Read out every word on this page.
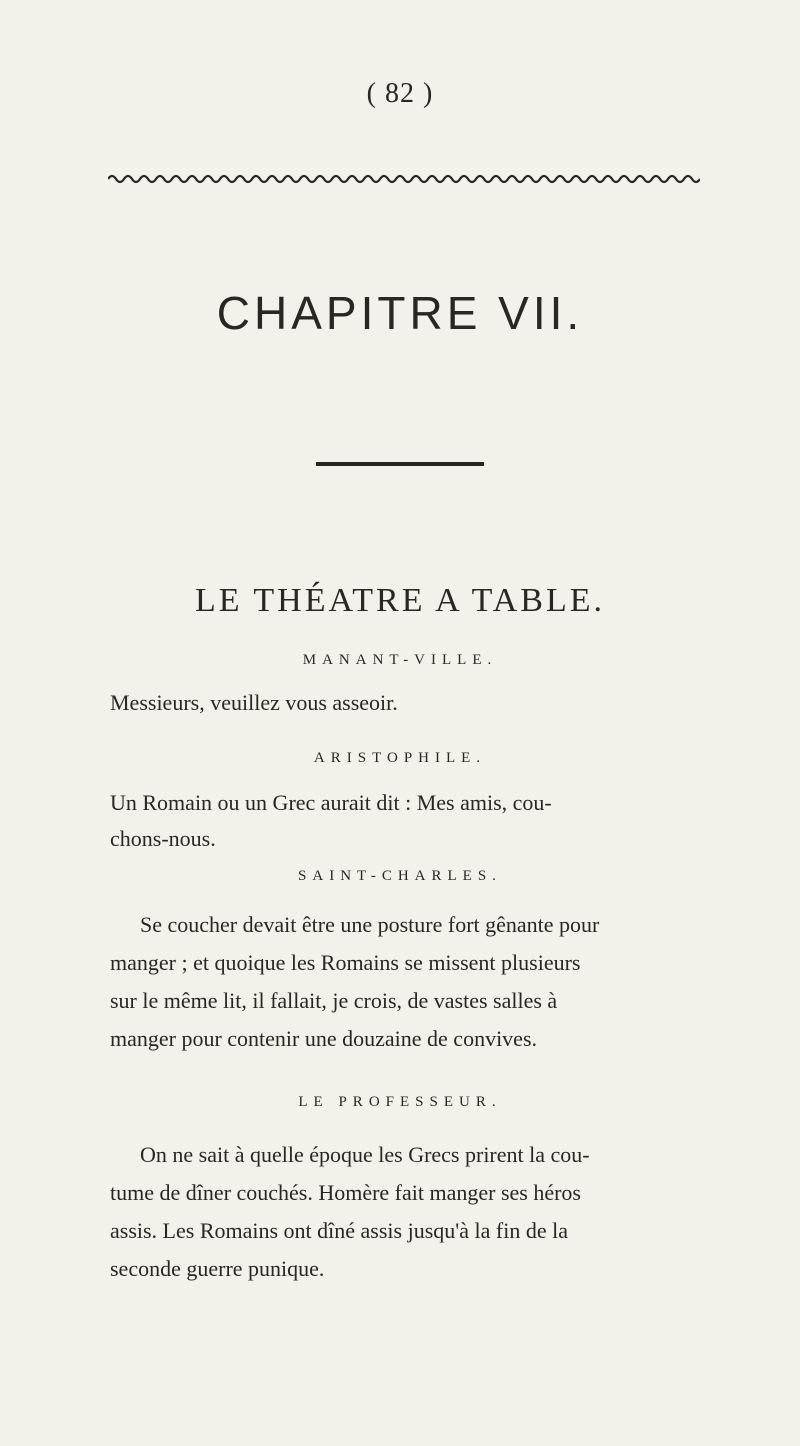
( 82 )
CHAPITRE VII.
LE THÉATRE A TABLE.
MANANT-VILLE.
Messieurs, veuillez vous asseoir.
ARISTOPHILE.
Un Romain ou un Grec aurait dit : Mes amis, cou-
chons-nous.
SAINT-CHARLES.
Se coucher devait être une posture fort gênante pour
manger ; et quoique les Romains se missent plusieurs
sur le même lit, il fallait, je crois, de vastes salles à
manger pour contenir une douzaine de convives.
LE PROFESSEUR.
On ne sait à quelle époque les Grecs prirent la cou-
tume de dîner couchés. Homère fait manger ses héros
assis. Les Romains ont dîné assis jusqu'à la fin de la
seconde guerre punique.
